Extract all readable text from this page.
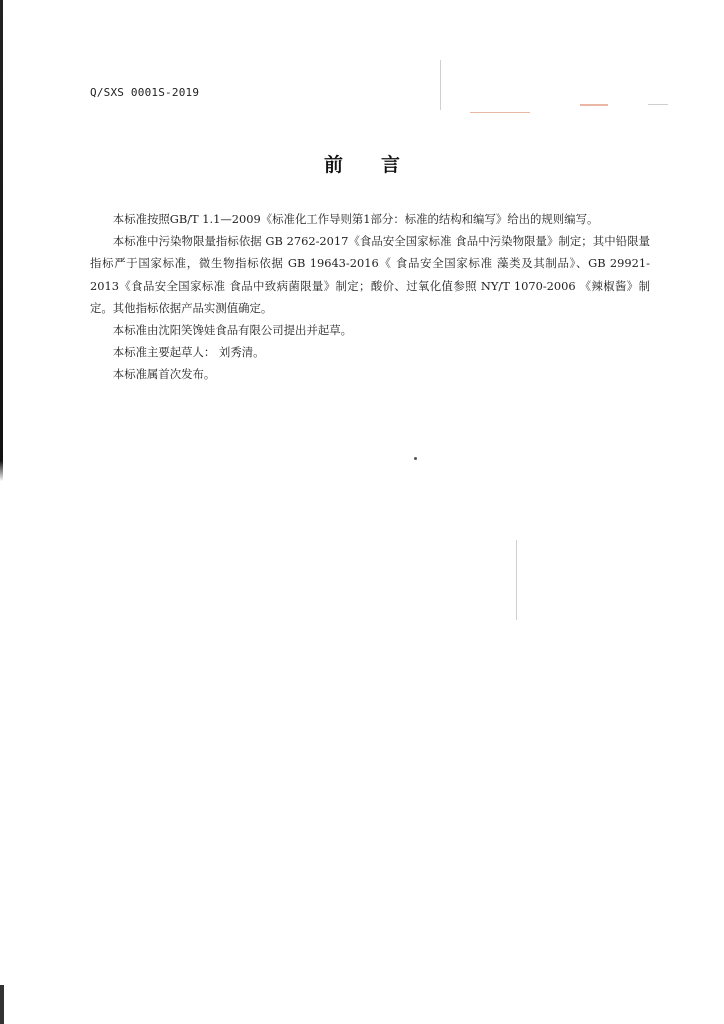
Q/SXS 0001S-2019
前 言

本标准按照GB/T 1.1—2009《标准化工作导则第1部分：标准的结构和编写》给出的规则编写。

本标准中污染物限量指标依据 GB 2762-2017《食品安全国家标准 食品中污染物限量》制定；其中铅限量指标严于国家标准，微生物指标依据 GB 19643-2016《 食品安全国家标准 藻类及其制品》、GB 29921-2013《食品安全国家标准 食品中致病菌限量》制定；酸价、过氧化值参照 NY/T 1070-2006 《辣椒酱》制定。其他指标依据产品实测值确定。

本标准由沈阳笑馋娃食品有限公司提出并起草。

本标准主要起草人： 刘秀清。

本标准属首次发布。
